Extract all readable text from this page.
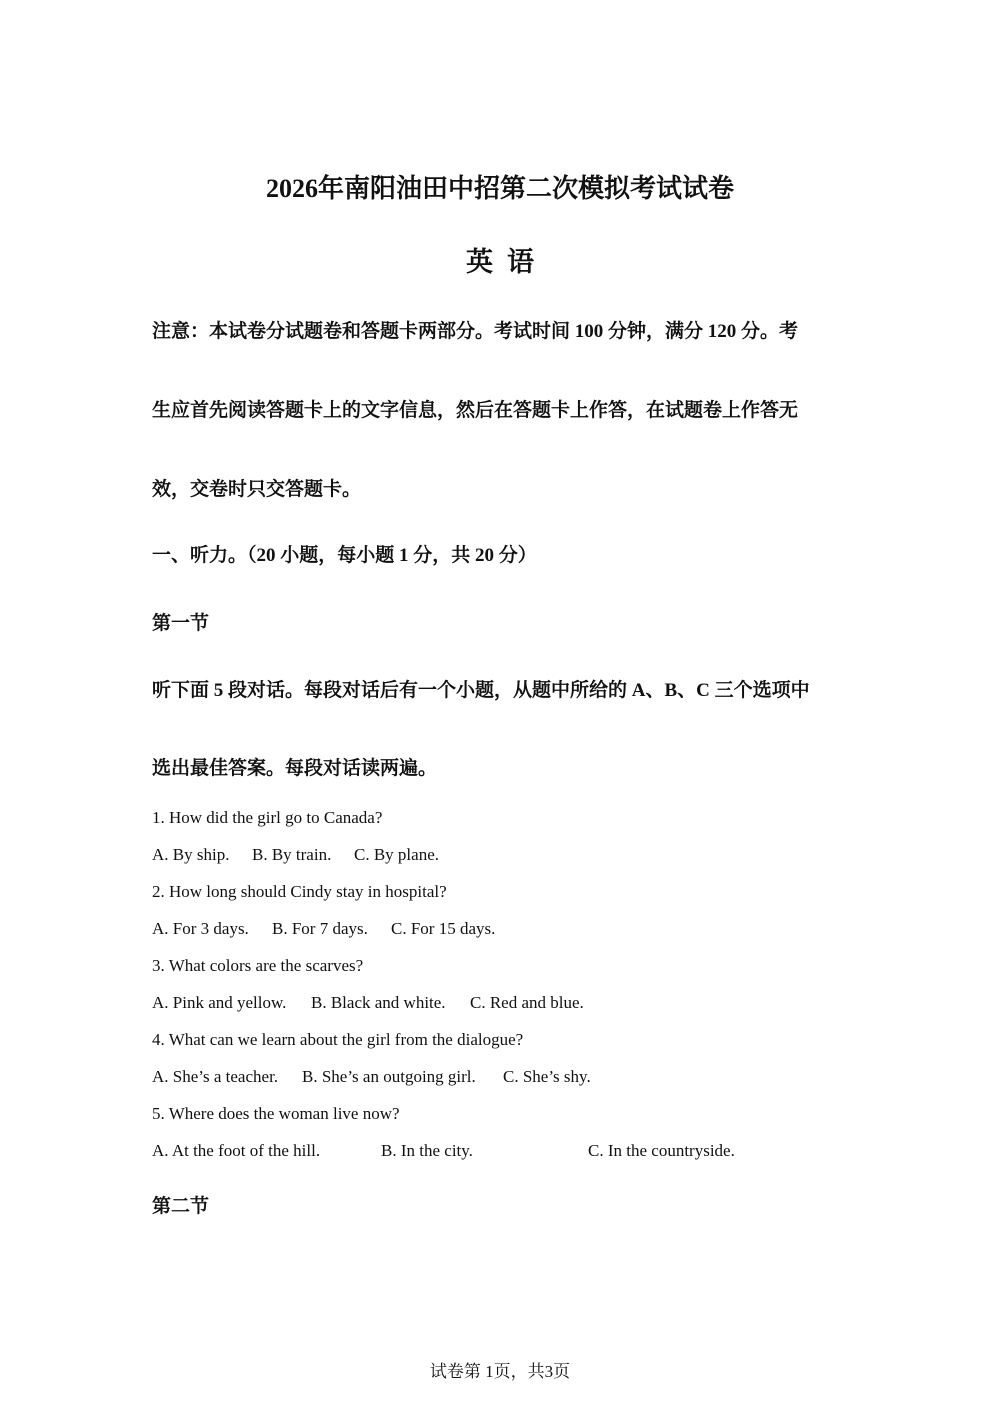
2026年南阳油田中招第二次模拟考试试卷
英语
注意：本试卷分试题卷和答题卡两部分。考试时间 100 分钟，满分 120 分。考
生应首先阅读答题卡上的文字信息，然后在答题卡上作答，在试题卷上作答无
效，交卷时只交答题卡。
一、听力。（20 小题，每小题 1 分，共 20 分）
第一节
听下面 5 段对话。每段对话后有一个小题，从题中所给的 A、B、C 三个选项中
选出最佳答案。每段对话读两遍。
1. How did the girl go to Canada?
A. By ship. B. By train. C. By plane.
2. How long should Cindy stay in hospital?
A. For 3 days. B. For 7 days. C. For 15 days.
3. What colors are the scarves?
A. Pink and yellow. B. Black and white. C. Red and blue.
4. What can we learn about the girl from the dialogue?
A. She’s a teacher. B. She’s an outgoing girl. C. She’s shy.
5. Where does the woman live now?
A. At the foot of the hill.	B. In the city.	C. In the countryside.
第二节
试卷第 1页，共3页
